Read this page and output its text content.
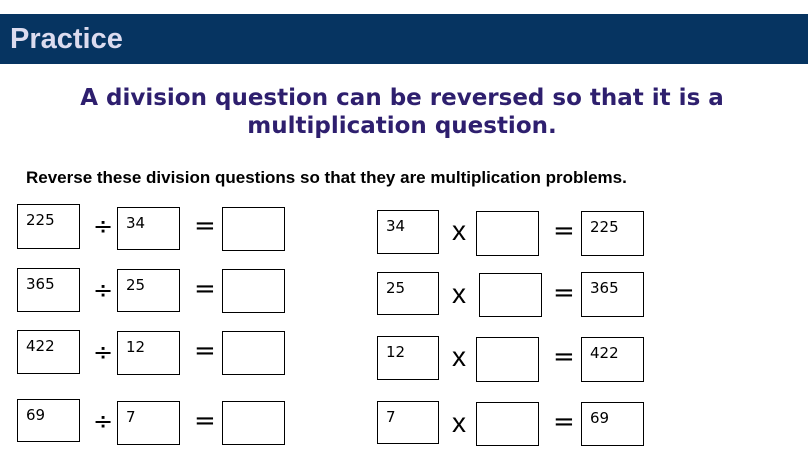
Practice
A division question can be reversed so that it is a
multiplication question.
Reverse these division questions so that they are multiplication problems.
225 ÷ 34 =
365 ÷ 25 =
422 ÷ 12 =
69 ÷ 7 =
34 x	= 225
25 x	= 365
12 x	= 422
7 x	= 69
